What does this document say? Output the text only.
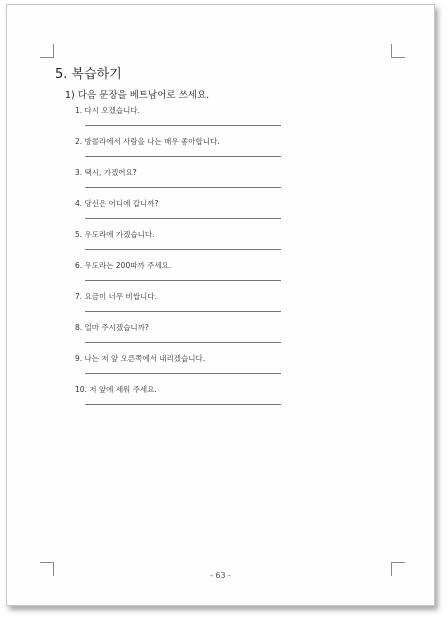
5. 복습하기
1) 다음 문장을 베트남어로 쓰세요.
1. 다시 오겠습니다.
2. 방콜라에서 사람을 나는 매우 좋아합니다.
3. 택시, 가겠어요?
4. 당신은 어디에 갑니까?
5. 우도라에 가겠습니다.
6. 우도라는 200따까 주세요.
7. 요금이 너무 비쌉니다.
8. 얼마 주시겠습니까?
9. 나는 저 앞 오른쪽에서 내리겠습니다.
10. 저 앞에 세워 주세요.
- 63 -
